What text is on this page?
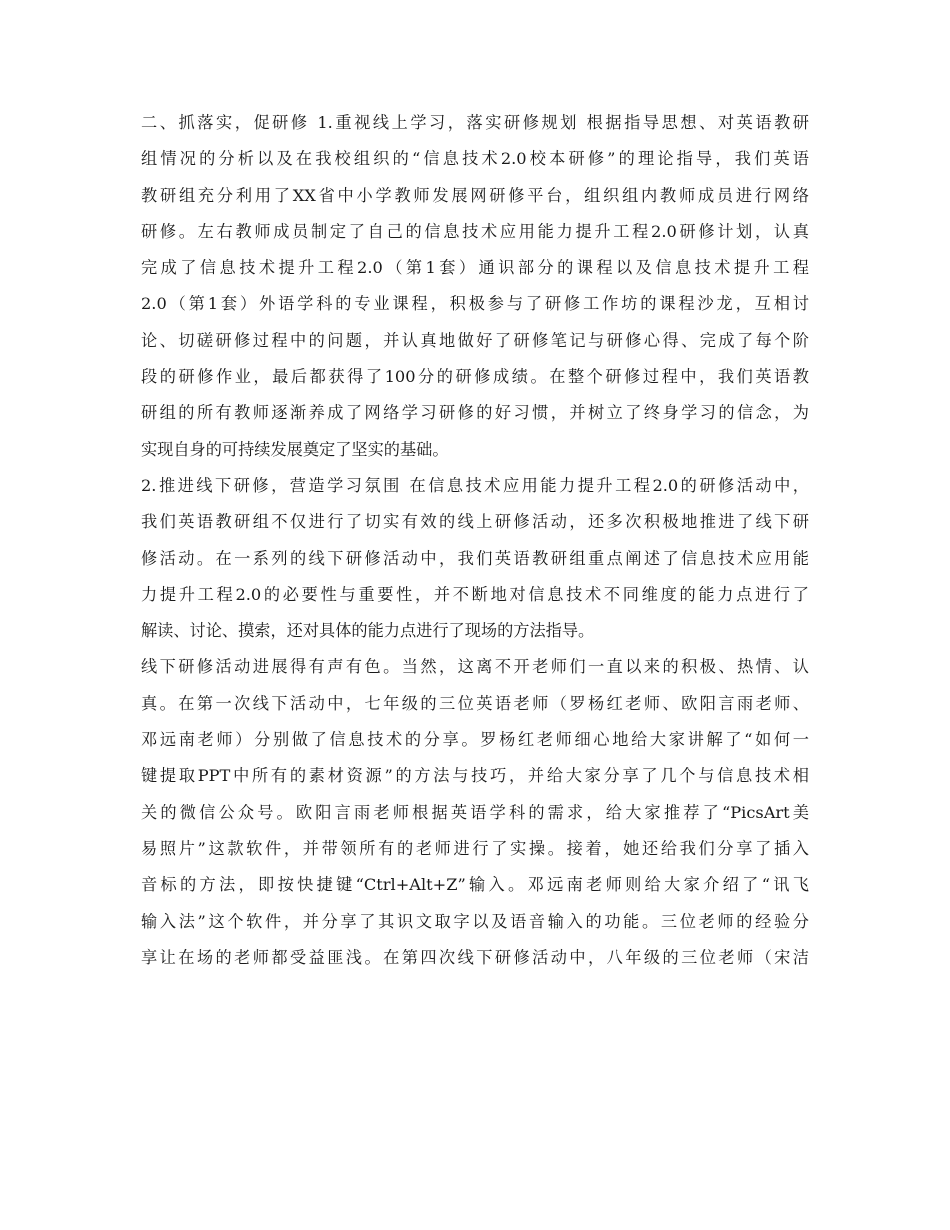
二、抓落实，促研修 1.重视线上学习，落实研修规划 根据指导思想、对英语教研
组情况的分析以及在我校组织的“信息技术2.0校本研修”的理论指导，我们英语
教研组充分利用了XX省中小学教师发展网研修平台，组织组内教师成员进行网络
研修。左右教师成员制定了自己的信息技术应用能力提升工程2.0研修计划，认真
完成了信息技术提升工程2.0（第1套）通识部分的课程以及信息技术提升工程
2.0（第1套）外语学科的专业课程，积极参与了研修工作坊的课程沙龙，互相讨
论、切磋研修过程中的问题，并认真地做好了研修笔记与研修心得、完成了每个阶
段的研修作业，最后都获得了100分的研修成绩。在整个研修过程中，我们英语教
研组的所有教师逐渐养成了网络学习研修的好习惯，并树立了终身学习的信念，为
实现自身的可持续发展奠定了坚实的基础。
2.推进线下研修，营造学习氛围 在信息技术应用能力提升工程2.0的研修活动中，
我们英语教研组不仅进行了切实有效的线上研修活动，还多次积极地推进了线下研
修活动。在一系列的线下研修活动中，我们英语教研组重点阐述了信息技术应用能
力提升工程2.0的必要性与重要性，并不断地对信息技术不同维度的能力点进行了
解读、讨论、摸索，还对具体的能力点进行了现场的方法指导。
线下研修活动进展得有声有色。当然，这离不开老师们一直以来的积极、热情、认
真。在第一次线下活动中，七年级的三位英语老师（罗杨红老师、欧阳言雨老师、
邓远南老师）分别做了信息技术的分享。罗杨红老师细心地给大家讲解了“如何一
键提取PPT中所有的素材资源”的方法与技巧，并给大家分享了几个与信息技术相
关的微信公众号。欧阳言雨老师根据英语学科的需求，给大家推荐了“PicsArt美
易照片”这款软件，并带领所有的老师进行了实操。接着，她还给我们分享了插入
音标的方法，即按快捷键“Ctrl+Alt+Z”输入。邓远南老师则给大家介绍了“讯飞
输入法”这个软件，并分享了其识文取字以及语音输入的功能。三位老师的经验分
享让在场的老师都受益匪浅。在第四次线下研修活动中，八年级的三位老师（宋洁
